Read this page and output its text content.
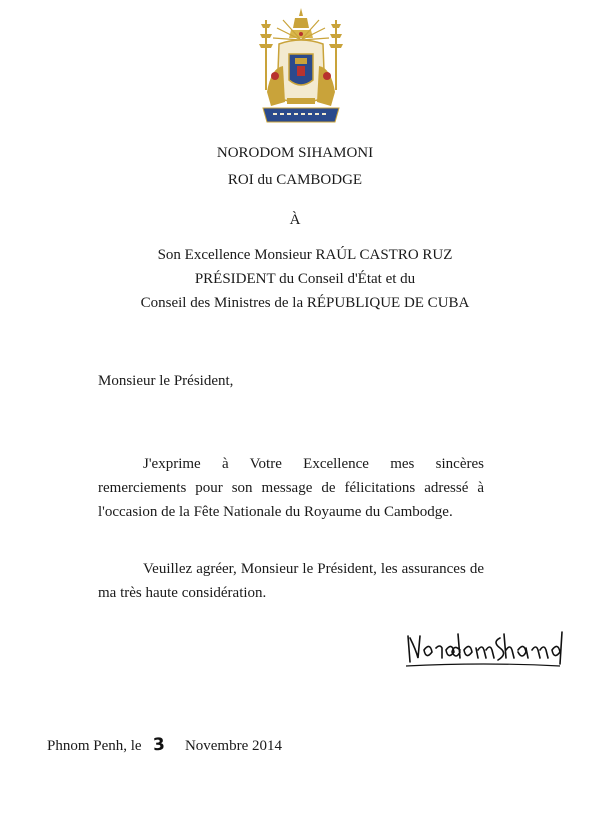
NORODOM SIHAMONI
ROI du CAMBODGE
À
Son Excellence Monsieur RAÚL CASTRO RUZ
PRÉSIDENT du Conseil d'État et du
Conseil des Ministres de la RÉPUBLIQUE DE CUBA
Monsieur le Président,
J'exprime à Votre Excellence mes sincères remerciements pour son message de félicitations adressé à l'occasion de la Fête Nationale du Royaume du Cambodge.
Veuillez agréer, Monsieur le Président, les assurances de ma très haute considération.
Phnom Penh, le 3 Novembre 2014
